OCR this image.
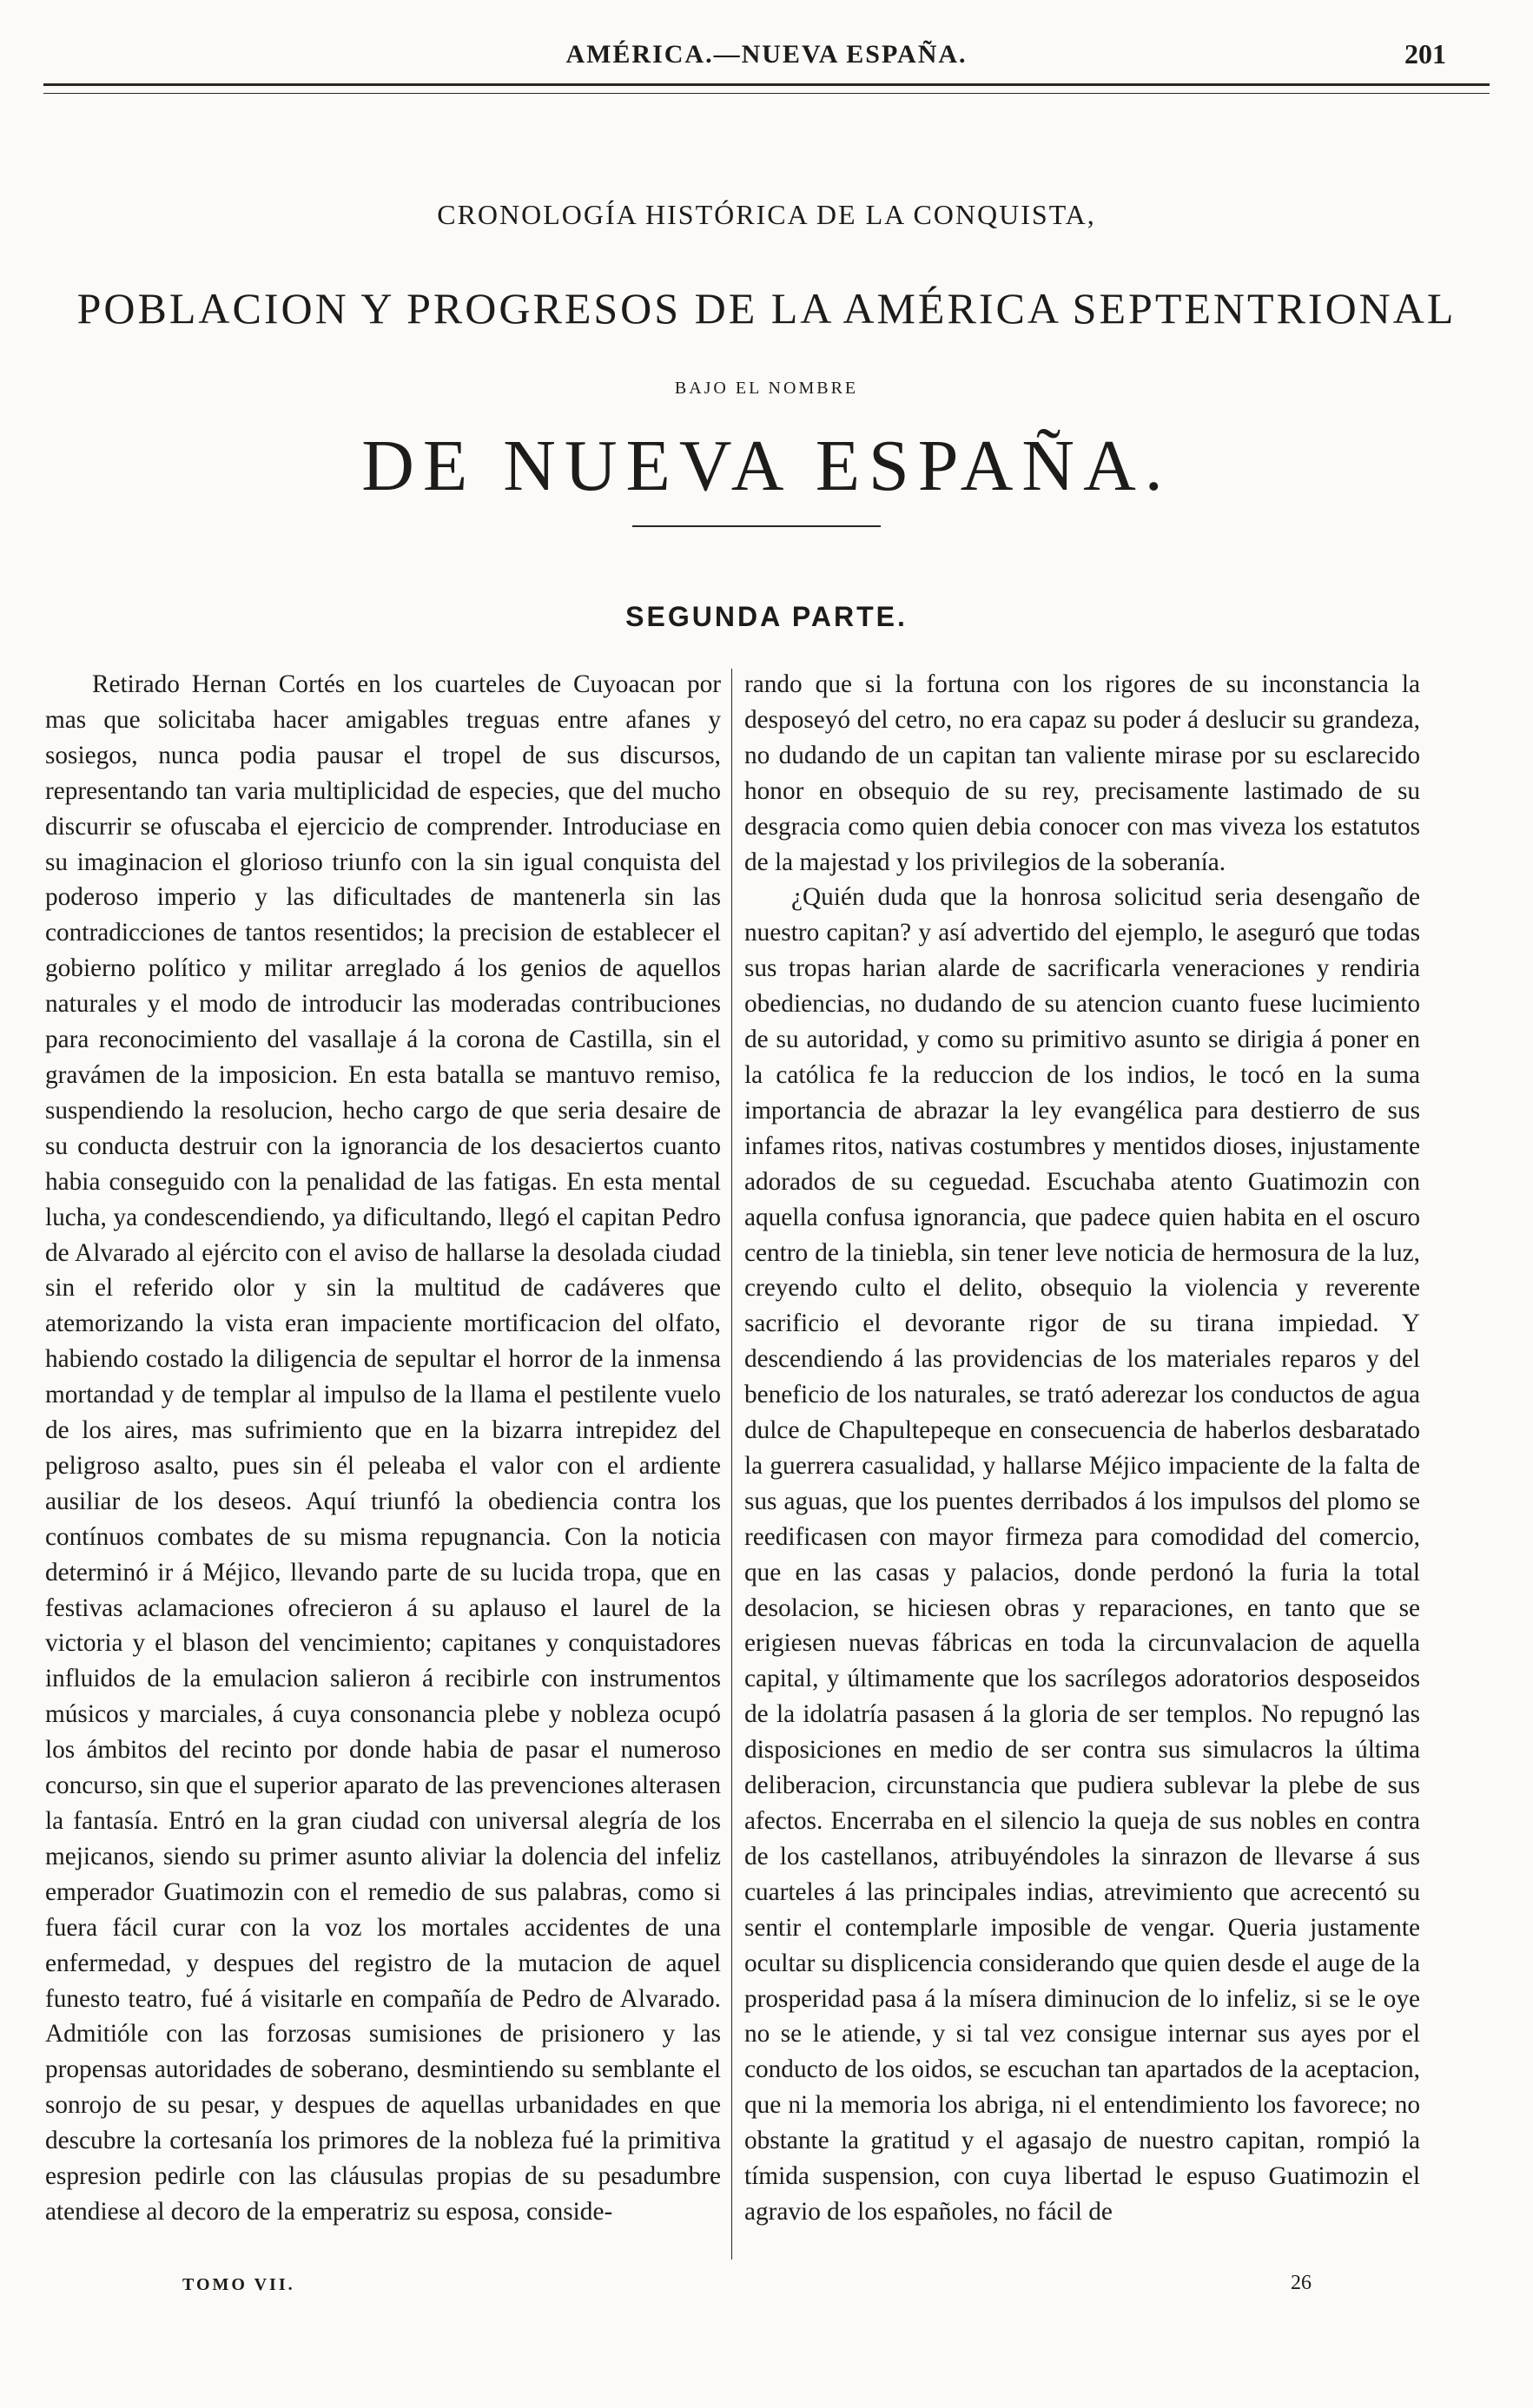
AMÉRICA.—NUEVA ESPAÑA.	201
CRONOLOGÍA HISTÓRICA DE LA CONQUISTA,
POBLACION Y PROGRESOS DE LA AMÉRICA SEPTENTRIONAL
BAJO EL NOMBRE
DE NUEVA ESPAÑA.
SEGUNDA PARTE.

Retirado Hernan Cortés en los cuarteles de Cuyoacan por mas que solicitaba hacer amigables treguas entre afanes y sosiegos, nunca podia pausar el tropel de sus discursos, representando tan varia multiplicidad de especies, que del mucho discurrir se ofuscaba el ejercicio de comprender. Introduciase en su imaginacion el glorioso triunfo con la sin igual conquista del poderoso imperio y las dificultades de mantenerla sin las contradicciones de tantos resentidos; la precision de establecer el gobierno político y militar arreglado á los genios de aquellos naturales y el modo de introducir las moderadas contribuciones para reconocimiento del vasallaje á la corona de Castilla, sin el gravámen de la imposicion. En esta batalla se mantuvo remiso, suspendiendo la resolucion, hecho cargo de que seria desaire de su conducta destruir con la ignorancia de los desaciertos cuanto habia conseguido con la penalidad de las fatigas. En esta mental lucha, ya condescendiendo, ya dificultando, llegó el capitan Pedro de Alvarado al ejército con el aviso de hallarse la desolada ciudad sin el referido olor y sin la multitud de cadáveres que atemorizando la vista eran impaciente mortificacion del olfato, habiendo costado la diligencia de sepultar el horror de la inmensa mortandad y de templar al impulso de la llama el pestilente vuelo de los aires, mas sufrimiento que en la bizarra intrepidez del peligroso asalto, pues sin él peleaba el valor con el ardiente ausiliar de los deseos. Aquí triunfó la obediencia contra los contínuos combates de su misma repugnancia. Con la noticia determinó ir á Méjico, llevando parte de su lucida tropa, que en festivas aclamaciones ofrecieron á su aplauso el laurel de la victoria y el blason del vencimiento; capitanes y conquistadores influidos de la emulacion salieron á recibirle con instrumentos músicos y marciales, á cuya consonancia plebe y nobleza ocupó los ámbitos del recinto por donde habia de pasar el numeroso concurso, sin que el superior aparato de las prevenciones alterasen la fantasía. Entró en la gran ciudad con universal alegría de los mejicanos, siendo su primer asunto aliviar la dolencia del infeliz emperador Guatimozin con el remedio de sus palabras, como si fuera fácil curar con la voz los mortales accidentes de una enfermedad, y despues del registro de la mutacion de aquel funesto teatro, fué á visitarle en compañía de Pedro de Alvarado. Admitióle con las forzosas sumisiones de prisionero y las propensas autoridades de soberano, desmintiendo su semblante el sonrojo de su pesar, y despues de aquellas urbanidades en que descubre la cortesanía los primores de la nobleza fué la primitiva espresion pedirle con las cláusulas propias de su pesadumbre atendiese al decoro de la emperatriz su esposa, conside-

rando que si la fortuna con los rigores de su inconstancia la desposeyó del cetro, no era capaz su poder á deslucir su grandeza, no dudando de un capitan tan valiente mirase por su esclarecido honor en obsequio de su rey, precisamente lastimado de su desgracia como quien debia conocer con mas viveza los estatutos de la majestad y los privilegios de la soberanía.

¿Quién duda que la honrosa solicitud seria desengaño de nuestro capitan? y así advertido del ejemplo, le aseguró que todas sus tropas harian alarde de sacrificarla veneraciones y rendiria obediencias, no dudando de su atencion cuanto fuese lucimiento de su autoridad, y como su primitivo asunto se dirigia á poner en la católica fe la reduccion de los indios, le tocó en la suma importancia de abrazar la ley evangélica para destierro de sus infames ritos, nativas costumbres y mentidos dioses, injustamente adorados de su ceguedad. Escuchaba atento Guatimozin con aquella confusa ignorancia, que padece quien habita en el oscuro centro de la tiniebla, sin tener leve noticia de hermosura de la luz, creyendo culto el delito, obsequio la violencia y reverente sacrificio el devorante rigor de su tirana impiedad. Y descendiendo á las providencias de los materiales reparos y del beneficio de los naturales, se trató aderezar los conductos de agua dulce de Chapultepeque en consecuencia de haberlos desbaratado la guerrera casualidad, y hallarse Méjico impaciente de la falta de sus aguas, que los puentes derribados á los impulsos del plomo se reedificasen con mayor firmeza para comodidad del comercio, que en las casas y palacios, donde perdonó la furia la total desolacion, se hiciesen obras y reparaciones, en tanto que se erigiesen nuevas fábricas en toda la circunvalacion de aquella capital, y últimamente que los sacrílegos adoratorios desposeidos de la idolatría pasasen á la gloria de ser templos. No repugnó las disposiciones en medio de ser contra sus simulacros la última deliberacion, circunstancia que pudiera sublevar la plebe de sus afectos. Encerraba en el silencio la queja de sus nobles en contra de los castellanos, atribuyéndoles la sinrazon de llevarse á sus cuarteles á las principales indias, atrevimiento que acrecentó su sentir el contemplarle imposible de vengar. Queria justamente ocultar su displicencia considerando que quien desde el auge de la prosperidad pasa á la mísera diminucion de lo infeliz, si se le oye no se le atiende, y si tal vez consigue internar sus ayes por el conducto de los oidos, se escuchan tan apartados de la aceptacion, que ni la memoria los abriga, ni el entendimiento los favorece; no obstante la gratitud y el agasajo de nuestro capitan, rompió la tímida suspension, con cuya libertad le espuso Guatimozin el agravio de los españoles, no fácil de

TOMO VII.	26
